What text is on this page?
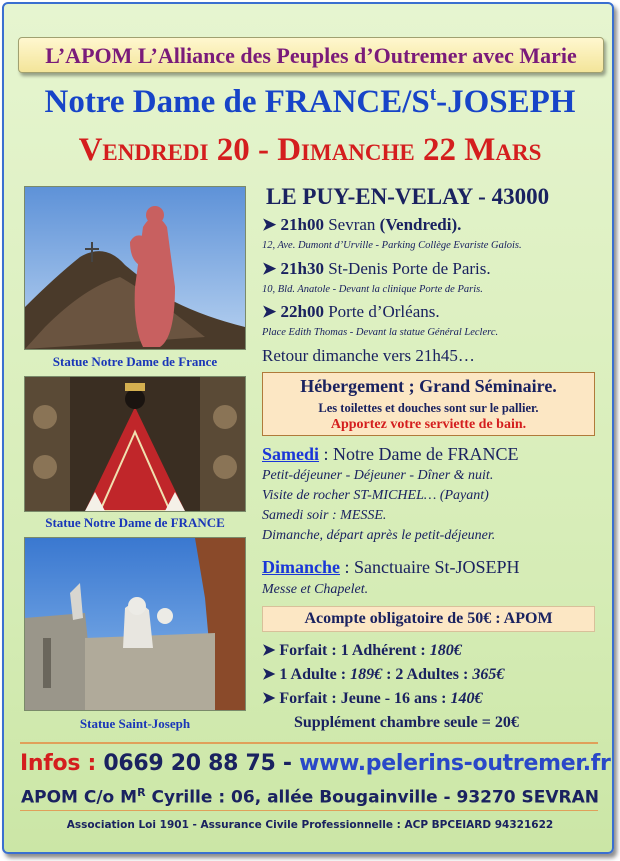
L’APOM L’Alliance des Peuples d’Outremer avec Marie
Notre Dame de FRANCE/$S^t$-JOSEPH
Vendredi 20 - Dimanche 22 Mars
Statue Notre Dame de France
Statue Notre Dame de FRANCE
Statue Saint-Joseph
LE PUY-EN-VELAY - 43000
➤ 21h00 Sevran (Vendredi).
12, Ave. Dumont d’Urville - Parking Collège Evariste Galois.
➤ 21h30 St-Denis Porte de Paris.
10, Bld. Anatole - Devant la clinique Porte de Paris.
➤ 22h00 Porte d’Orléans.
Place Edith Thomas - Devant la statue Général Leclerc.
Retour dimanche vers 21h45…
Hébergement ; Grand Séminaire.
Les toilettes et douches sont sur le pallier.
Apportez votre serviette de bain.
Samedi : Notre Dame de FRANCE
Petit-déjeuner - Déjeuner - Dîner & nuit.
Visite de rocher ST-MICHEL… (Payant)
Samedi soir : MESSE.
Dimanche, départ après le petit-déjeuner.
Dimanche : Sanctuaire St-JOSEPH
Messe et Chapelet.
Acompte obligatoire de 50€ : APOM
➤ Forfait : 1 Adhérent : 180€
➤ 1 Adulte : 189€ : 2 Adultes : 365€
➤ Forfait : Jeune - 16 ans : 140€
Supplément chambre seule = 20€
Infos : 0669 20 88 75 - www.pelerins-outremer.fr
APOM C/o $M^R$ Cyrille : 06, allée Bougainville - 93270 SEVRAN
Association Loi 1901 - Assurance Civile Professionnelle : ACP BPCEIARD 94321622
